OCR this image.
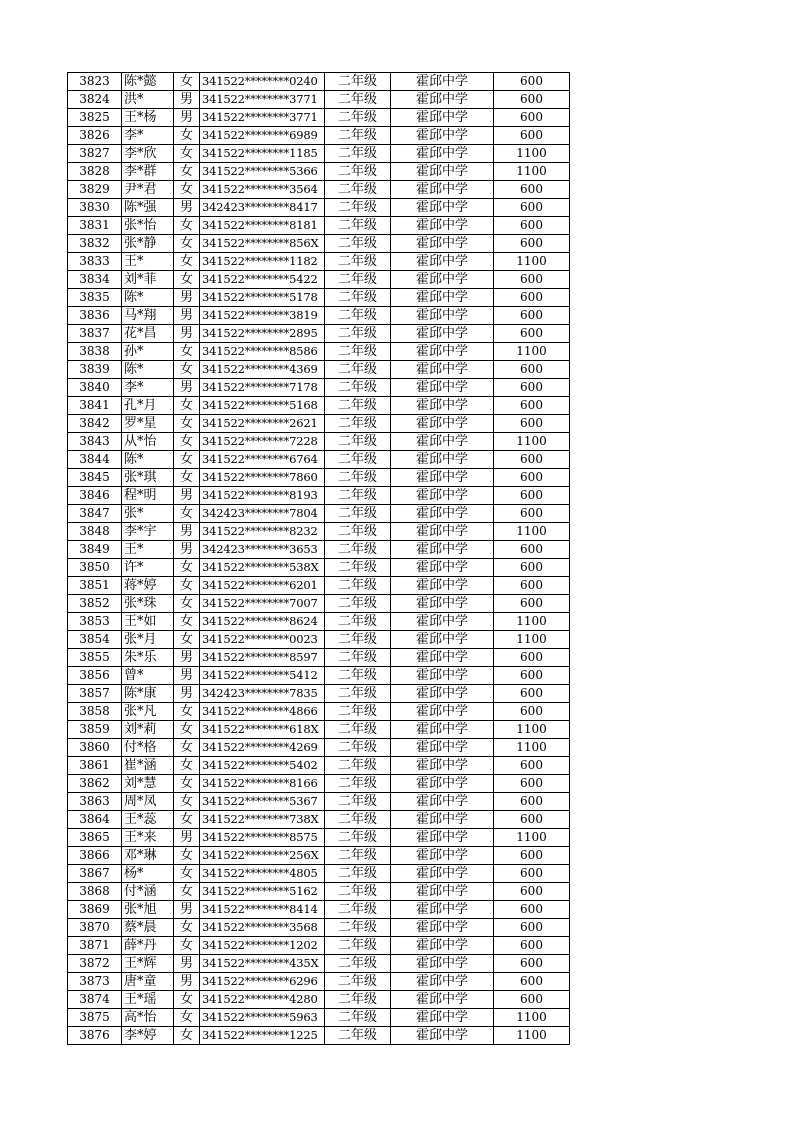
3823	陈*懿	女	341522********0240	二年级	霍邱中学	600
3824	洪*	男	341522********3771	二年级	霍邱中学	600
3825	王*杨	男	341522********3771	二年级	霍邱中学	600
3826	李*	女	341522********6989	二年级	霍邱中学	600
3827	李*欣	女	341522********1185	二年级	霍邱中学	1100
3828	李*群	女	341522********5366	二年级	霍邱中学	1100
3829	尹*君	女	341522********3564	二年级	霍邱中学	600
3830	陈*强	男	342423********8417	二年级	霍邱中学	600
3831	张*怡	女	341522********8181	二年级	霍邱中学	600
3832	张*静	女	341522********856X	二年级	霍邱中学	600
3833	王*	女	341522********1182	二年级	霍邱中学	1100
3834	刘*菲	女	341522********5422	二年级	霍邱中学	600
3835	陈*	男	341522********5178	二年级	霍邱中学	600
3836	马*翔	男	341522********3819	二年级	霍邱中学	600
3837	花*昌	男	341522********2895	二年级	霍邱中学	600
3838	孙*	女	341522********8586	二年级	霍邱中学	1100
3839	陈*	女	341522********4369	二年级	霍邱中学	600
3840	李*	男	341522********7178	二年级	霍邱中学	600
3841	孔*月	女	341522********5168	二年级	霍邱中学	600
3842	罗*星	女	341522********2621	二年级	霍邱中学	600
3843	从*怡	女	341522********7228	二年级	霍邱中学	1100
3844	陈*	女	341522********6764	二年级	霍邱中学	600
3845	张*琪	女	341522********7860	二年级	霍邱中学	600
3846	程*明	男	341522********8193	二年级	霍邱中学	600
3847	张*	女	342423********7804	二年级	霍邱中学	600
3848	李*宇	男	341522********8232	二年级	霍邱中学	1100
3849	王*	男	342423********3653	二年级	霍邱中学	600
3850	许*	女	341522********538X	二年级	霍邱中学	600
3851	蒋*婷	女	341522********6201	二年级	霍邱中学	600
3852	张*珠	女	341522********7007	二年级	霍邱中学	600
3853	王*如	女	341522********8624	二年级	霍邱中学	1100
3854	张*月	女	341522********0023	二年级	霍邱中学	1100
3855	朱*乐	男	341522********8597	二年级	霍邱中学	600
3856	曾*	男	341522********5412	二年级	霍邱中学	600
3857	陈*康	男	342423********7835	二年级	霍邱中学	600
3858	张*凡	女	341522********4866	二年级	霍邱中学	600
3859	刘*莉	女	341522********618X	二年级	霍邱中学	1100
3860	付*格	女	341522********4269	二年级	霍邱中学	1100
3861	崔*涵	女	341522********5402	二年级	霍邱中学	600
3862	刘*慧	女	341522********8166	二年级	霍邱中学	600
3863	周*凤	女	341522********5367	二年级	霍邱中学	600
3864	王*蕊	女	341522********738X	二年级	霍邱中学	600
3865	王*来	男	341522********8575	二年级	霍邱中学	1100
3866	邓*琳	女	341522********256X	二年级	霍邱中学	600
3867	杨*	女	341522********4805	二年级	霍邱中学	600
3868	付*涵	女	341522********5162	二年级	霍邱中学	600
3869	张*旭	男	341522********8414	二年级	霍邱中学	600
3870	蔡*晨	女	341522********3568	二年级	霍邱中学	600
3871	薛*丹	女	341522********1202	二年级	霍邱中学	600
3872	王*辉	男	341522********435X	二年级	霍邱中学	600
3873	唐*童	男	341522********6296	二年级	霍邱中学	600
3874	王*瑶	女	341522********4280	二年级	霍邱中学	600
3875	高*怡	女	341522********5963	二年级	霍邱中学	1100
3876	李*婷	女	341522********1225	二年级	霍邱中学	1100
